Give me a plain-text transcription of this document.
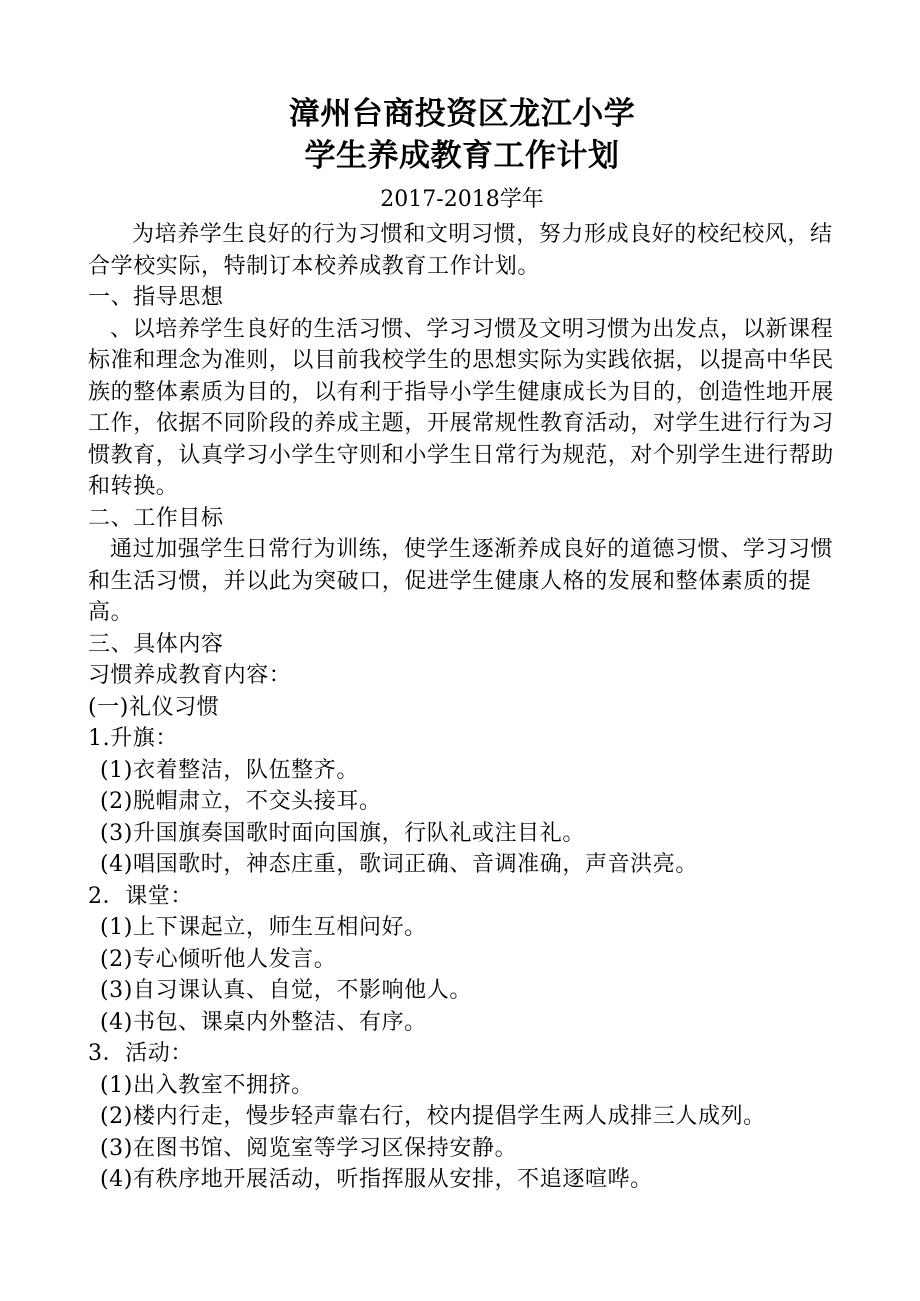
漳州台商投资区龙江小学
学生养成教育工作计划
2017-2018学年

为培养学生良好的行为习惯和文明习惯，努力形成良好的校纪校风，结合学校实际，特制订本校养成教育工作计划。

一、指导思想

、以培养学生良好的生活习惯、学习习惯及文明习惯为出发点，以新课程标准和理念为准则，以目前我校学生的思想实际为实践依据，以提高中华民族的整体素质为目的，以有利于指导小学生健康成长为目的，创造性地开展工作，依据不同阶段的养成主题，开展常规性教育活动，对学生进行行为习惯教育，认真学习小学生守则和小学生日常行为规范，对个别学生进行帮助和转换。

二、工作目标

通过加强学生日常行为训练，使学生逐渐养成良好的道德习惯、学习习惯和生活习惯，并以此为突破口，促进学生健康人格的发展和整体素质的提高。

三、具体内容

习惯养成教育内容：

(一)礼仪习惯

1.升旗：

(1)衣着整洁，队伍整齐。

(2)脱帽肃立，不交头接耳。

(3)升国旗奏国歌时面向国旗，行队礼或注目礼。

(4)唱国歌时，神态庄重，歌词正确、音调准确，声音洪亮。

2．课堂：

(1)上下课起立，师生互相问好。

(2)专心倾听他人发言。

(3)自习课认真、自觉，不影响他人。

(4)书包、课桌内外整洁、有序。

3．活动：

(1)出入教室不拥挤。

(2)楼内行走，慢步轻声靠右行，校内提倡学生两人成排三人成列。

(3)在图书馆、阅览室等学习区保持安静。

(4)有秩序地开展活动，听指挥服从安排，不追逐喧哗。
